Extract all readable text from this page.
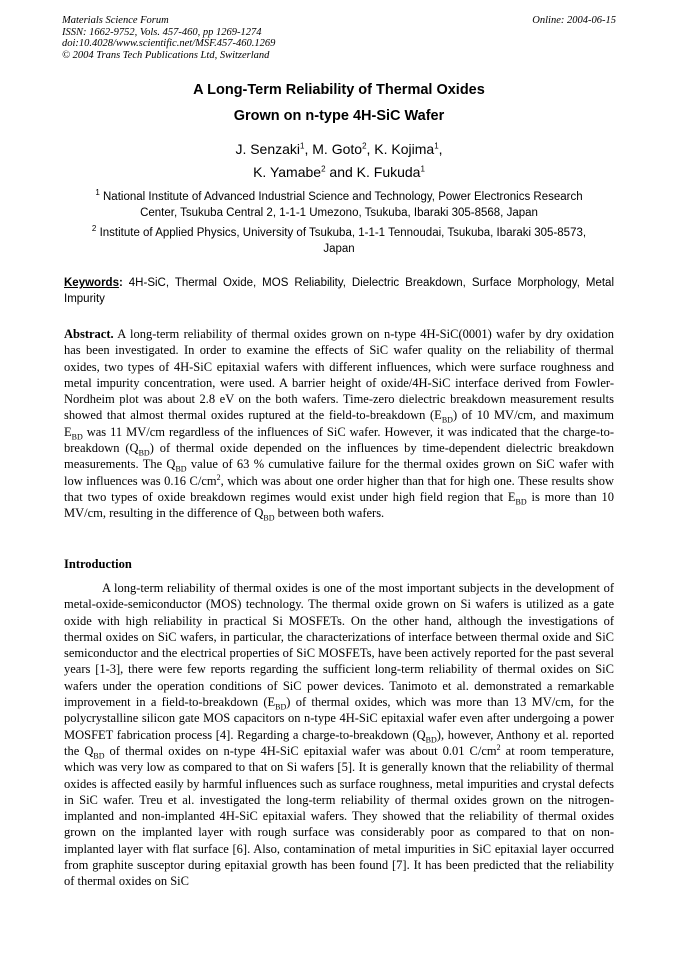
Materials Science Forum
ISSN: 1662-9752, Vols. 457-460, pp 1269-1274
doi:10.4028/www.scientific.net/MSF.457-460.1269
© 2004 Trans Tech Publications Ltd, Switzerland
Online: 2004-06-15
A Long-Term Reliability of Thermal Oxides
Grown on n-type 4H-SiC Wafer
J. Senzaki$^1$, M. Goto$^2$, K. Kojima$^1$,
K. Yamabe$^2$ and K. Fukuda$^1$
$^1$ National Institute of Advanced Industrial Science and Technology, Power Electronics Research
Center, Tsukuba Central 2, 1-1-1 Umezono, Tsukuba, Ibaraki 305-8568, Japan
$^2$ Institute of Applied Physics, University of Tsukuba, 1-1-1 Tennoudai, Tsukuba, Ibaraki 305-8573,
Japan
Keywords: 4H-SiC, Thermal Oxide, MOS Reliability, Dielectric Breakdown, Surface Morphology, Metal Impurity

Abstract. A long-term reliability of thermal oxides grown on n-type 4H-SiC(0001) wafer by dry oxidation has been investigated. In order to examine the effects of SiC wafer quality on the reliability of thermal oxides, two types of 4H-SiC epitaxial wafers with different influences, which were surface roughness and metal impurity concentration, were used. A barrier height of oxide/4H-SiC interface derived from Fowler-Nordheim plot was about 2.8 eV on the both wafers. Time-zero dielectric breakdown measurement results showed that almost thermal oxides ruptured at the field-to-breakdown $(E_{BD})$ of 10 MV/cm, and maximum $E_{BD}$ was 11 MV/cm regardless of the influences of SiC wafer. However, it was indicated that the charge-to-breakdown $(Q_{BD})$ of thermal oxide depended on the influences by time-dependent dielectric breakdown measurements. The $Q_{BD}$ value of 63 % cumulative failure for the thermal oxides grown on SiC wafer with low influences was 0.16 $C/cm^2$, which was about one order higher than that for high one. These results show that two types of oxide breakdown regimes would exist under high field region that $E_{BD}$ is more than 10 MV/cm, resulting in the difference of $Q_{BD}$ between both wafers.

Introduction

A long-term reliability of thermal oxides is one of the most important subjects in the development of metal-oxide-semiconductor (MOS) technology. The thermal oxide grown on Si wafers is utilized as a gate oxide with high reliability in practical Si MOSFETs. On the other hand, although the investigations of thermal oxides on SiC wafers, in particular, the characterizations of interface between thermal oxide and SiC semiconductor and the electrical properties of SiC MOSFETs, have been actively reported for the past several years [1-3], there were few reports regarding the sufficient long-term reliability of thermal oxides on SiC wafers under the operation conditions of SiC power devices. Tanimoto et al. demonstrated a remarkable improvement in a field-to-breakdown $(E_{BD})$ of thermal oxides, which was more than 13 MV/cm, for the polycrystalline silicon gate MOS capacitors on n-type 4H-SiC epitaxial wafer even after undergoing a power MOSFET fabrication process [4]. Regarding a charge-to-breakdown $(Q_{BD})$, however, Anthony et al. reported the $Q_{BD}$ of thermal oxides on n-type 4H-SiC epitaxial wafer was about 0.01 $C/cm^2$ at room temperature, which was very low as compared to that on Si wafers [5]. It is generally known that the reliability of thermal oxides is affected easily by harmful influences such as surface roughness, metal impurities and crystal defects in SiC wafer. Treu et al. investigated the long-term reliability of thermal oxides grown on the nitrogen-implanted and non-implanted 4H-SiC epitaxial wafers. They showed that the reliability of thermal oxides grown on the implanted layer with rough surface was considerably poor as compared to that on non-implanted layer with flat surface [6]. Also, contamination of metal impurities in SiC epitaxial layer occurred from graphite susceptor during epitaxial growth has been found [7]. It has been predicted that the reliability of thermal oxides on SiC
